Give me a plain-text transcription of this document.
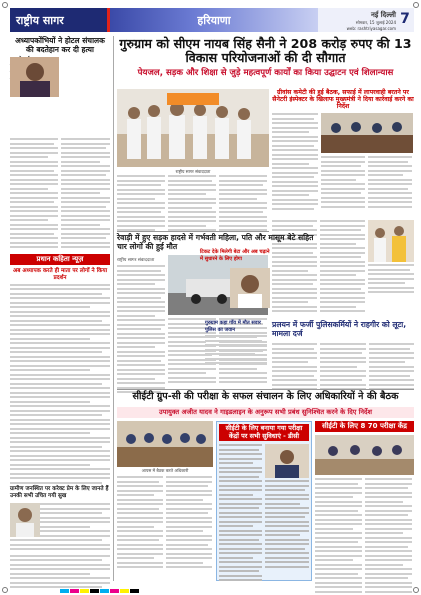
राष्ट्रीय सागर	हरियाणा	नई दिल्ली
सोमवार, 15 जुलाई 2024
web: rashtriyasagar.com
7
अध्यापकोंभियों ने होटल संचालक की बदतेहान कर दी हत्या
प्रधान कहिता न्यूज़
अब अध्यापक करते ही माता पर लोगों ने किया प्रदर्शन
ग्रामीण जनस्थित पर करेक्ट प्रेम के लिए जानते हैं उनकी सभी उचित गयी सुख
गुरुग्राम को सीएम नायब सिंह सैनी ने 208 करोड़ रुपए की 13 विकास परियोजनाओं की दी सौगात
पेयजल, सड़क और शिक्षा से जुड़े महत्वपूर्ण कार्यों का किया उद्घाटन एवं शिलान्यास
राष्ट्रीय सागर संवाददाता
ग्रीवांस कमेटी की हुई बैठक, सफाई में लापरवाही बरतने पर सैनेटरी इंस्पेक्टर के खिलाफ मुख्यमंत्री ने दिया कार्रवाई करने का निर्देश
रेवाड़ी में हुए सड़क हादसे में गर्भवती महिला, पति और मासूम बेटे सहित चार लोगों की हुई मौत
राष्ट्रीय सागर संवाददाता
टिकट देके मिलेगी बेटा और अब चढ़ाने में सुधारने के लिए होगा
प्रलयन में फर्जी पुलिसकर्मियों ने राहगीर को लूटा, मामला दर्ज
सीईटी ग्रुप-सी की परीक्षा के सफल संचालन के लिए अधिकारियों ने की बैठक
उपायुक्त अजीत यादव ने गाइडलाइन के अनुरूप सभी प्रबंध सुनिश्चित करने के दिए निर्देश
आपस में बैठक करते अधिकारी
सीईटी के लिए बनाया गया परीक्षा केंद्रों पर सभी सुविधाएं - डीसी
सीईटी के लिए 8 70 परीक्षा केंद्र
गुरुग्राम कहा गाँव में मौत सवार पुलिस का जवान
